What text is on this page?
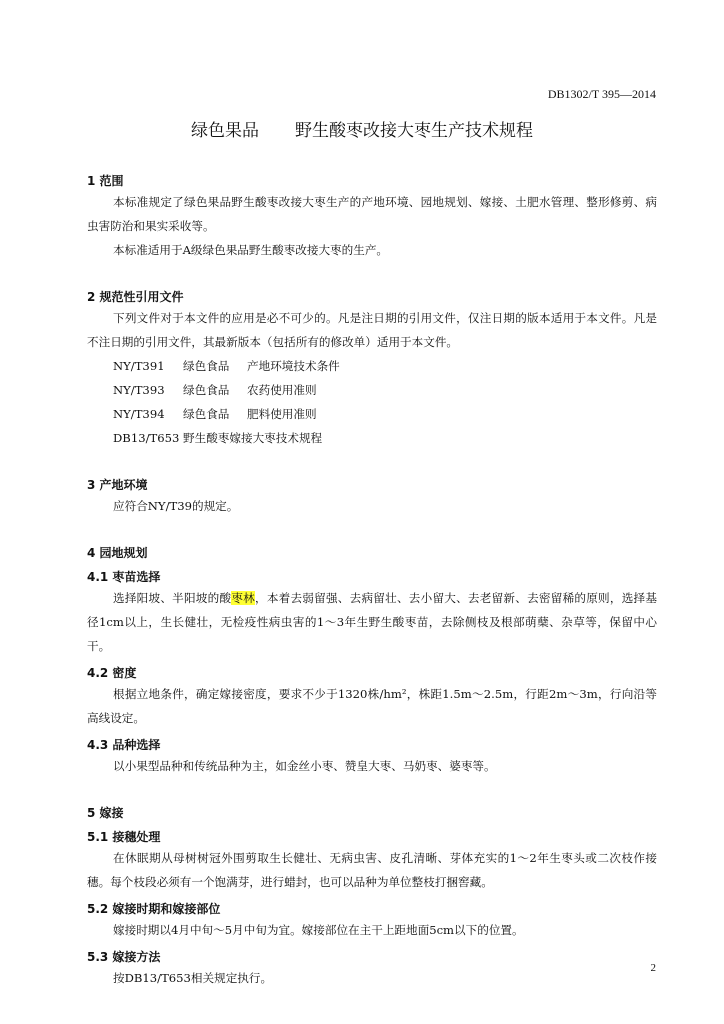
DB1302/T 395—2014
绿色果品 野生酸枣改接大枣生产技术规程
1 范围

本标准规定了绿色果品野生酸枣改接大枣生产的产地环境、园地规划、嫁接、土肥水管理、整形修剪、病虫害防治和果实采收等。

本标准适用于A级绿色果品野生酸枣改接大枣的生产。

2 规范性引用文件

下列文件对于本文件的应用是必不可少的。凡是注日期的引用文件，仅注日期的版本适用于本文件。凡是不注日期的引用文件，其最新版本（包括所有的修改单）适用于本文件。

NY/T391	绿色食品	产地环境技术条件
NY/T393	绿色食品	农药使用准则
NY/T394	绿色食品	肥料使用准则
DB13/T653 野生酸枣嫁接大枣技术规程
3 产地环境

应符合NY/T39的规定。

4 园地规划
4.1 枣苗选择

选择阳坡、半阳坡的酸枣林，本着去弱留强、去病留壮、去小留大、去老留新、去密留稀的原则，选择基径1cm以上，生长健壮，无检疫性病虫害的1～3年生野生酸枣苗，去除侧枝及根部萌蘖、杂草等，保留中心干。

4.2 密度

根据立地条件，确定嫁接密度，要求不少于1320株/hm²，株距1.5m～2.5m，行距2m～3m，行向沿等高线设定。

4.3 品种选择

以小果型品种和传统品种为主，如金丝小枣、赞皇大枣、马奶枣、婆枣等。

5 嫁接
5.1 接穗处理

在休眠期从母树树冠外围剪取生长健壮、无病虫害、皮孔清晰、芽体充实的1～2年生枣头或二次枝作接穗。每个枝段必须有一个饱满芽，进行蜡封，也可以品种为单位整枝打捆窖藏。

5.2 嫁接时期和嫁接部位

嫁接时期以4月中旬～5月中旬为宜。嫁接部位在主干上距地面5cm以下的位置。

5.3 嫁接方法

按DB13/T653相关规定执行。

2
